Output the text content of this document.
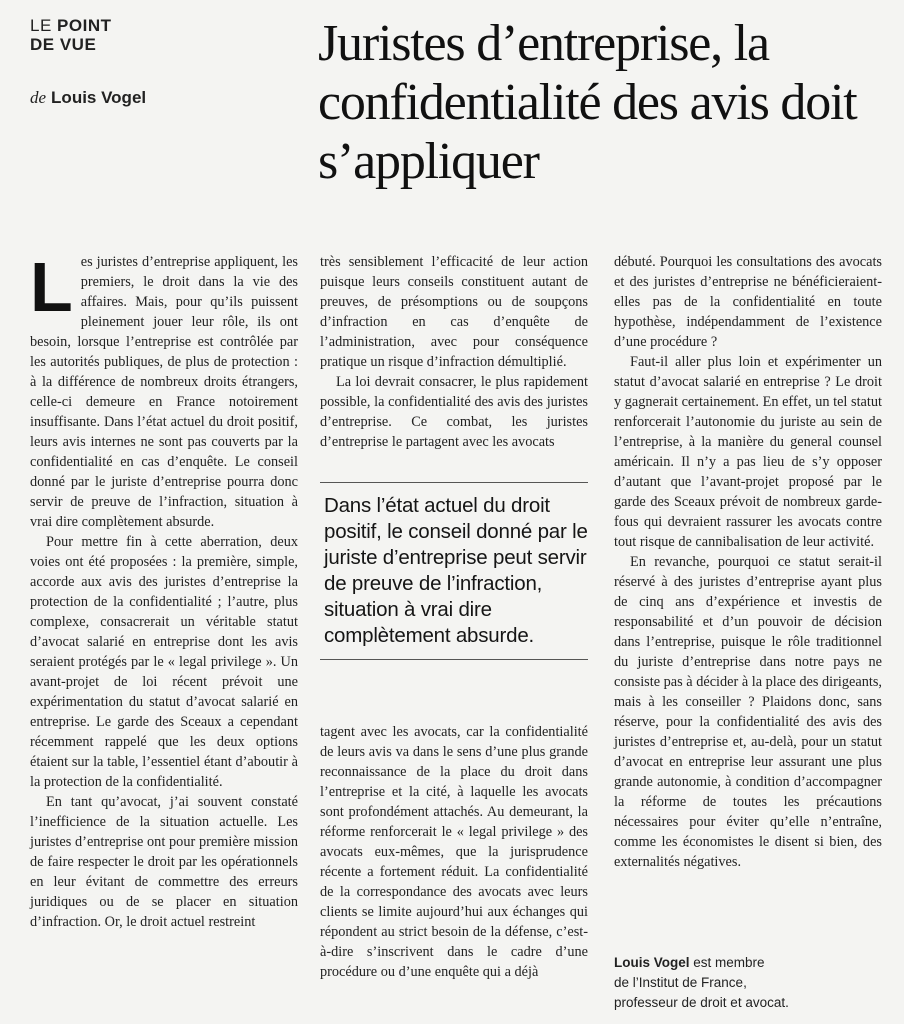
LE POINT
DE VUE
de Louis Vogel
Juristes d’entreprise, la confidentialité des avis doit s’appliquer

Les juristes d’entreprise appliquent, les premiers, le droit dans la vie des affaires. Mais, pour qu’ils puissent pleinement jouer leur rôle, ils ont besoin, lorsque l’entreprise est contrôlée par les autorités publiques, de plus de protection : à la différence de nombreux droits étrangers, celle-ci demeure en France notoirement insuffisante. Dans l’état actuel du droit positif, leurs avis internes ne sont pas couverts par la confidentialité en cas d’enquête. Le conseil donné par le juriste d’entreprise pourra donc servir de preuve de l’infraction, situation à vrai dire complètement absurde.

Pour mettre fin à cette aberration, deux voies ont été proposées : la première, simple, accorde aux avis des juristes d’entreprise la protection de la confidentialité ; l’autre, plus complexe, consacrerait un véritable statut d’avocat salarié en entreprise dont les avis seraient protégés par le « legal privilege ». Un avant-projet de loi récent prévoit une expérimentation du statut d’avocat salarié en entreprise. Le garde des Sceaux a cependant récemment rappelé que les deux options étaient sur la table, l’essentiel étant d’aboutir à la protection de la confidentialité.

En tant qu’avocat, j’ai souvent constaté l’inefficience de la situation actuelle. Les juristes d’entreprise ont pour première mission de faire respecter le droit par les opérationnels en leur évitant de commettre des erreurs juridiques ou de se placer en situation d’infraction. Or, le droit actuel restreint

très sensiblement l’efficacité de leur action puisque leurs conseils constituent autant de preuves, de présomptions ou de soupçons d’infraction en cas d’enquête de l’administration, avec pour conséquence pratique un risque d’infraction démultiplié.

La loi devrait consacrer, le plus rapidement possible, la confidentialité des avis des juristes d’entreprise. Ce combat, les juristes d’entreprise le partagent avec les avocats

Dans l’état actuel du droit positif, le conseil donné par le juriste d’entreprise peut servir de preuve de l’infraction, situation à vrai dire complètement absurde.

tagent avec les avocats, car la confidentialité de leurs avis va dans le sens d’une plus grande reconnaissance de la place du droit dans l’entreprise et la cité, à laquelle les avocats sont profondément attachés. Au demeurant, la réforme renforcerait le « legal privilege » des avocats eux-mêmes, que la jurisprudence récente a fortement réduit. La confidentialité de la correspondance des avocats avec leurs clients se limite aujourd’hui aux échanges qui répondent au strict besoin de la défense, c’est-à-dire s’inscrivent dans le cadre d’une procédure ou d’une enquête qui a déjà

débuté. Pourquoi les consultations des avocats et des juristes d’entreprise ne bénéficieraient-elles pas de la confidentialité en toute hypothèse, indépendamment de l’existence d’une procédure ?

Faut-il aller plus loin et expérimenter un statut d’avocat salarié en entreprise ? Le droit y gagnerait certainement. En effet, un tel statut renforcerait l’autonomie du juriste au sein de l’entreprise, à la manière du general counsel américain. Il n’y a pas lieu de s’y opposer d’autant que l’avant-projet proposé par le garde des Sceaux prévoit de nombreux garde-fous qui devraient rassurer les avocats contre tout risque de cannibalisation de leur activité.

En revanche, pourquoi ce statut serait-il réservé à des juristes d’entreprise ayant plus de cinq ans d’expérience et investis de responsabilité et d’un pouvoir de décision dans l’entreprise, puisque le rôle traditionnel du juriste d’entreprise dans notre pays ne consiste pas à décider à la place des dirigeants, mais à les conseiller ? Plaidons donc, sans réserve, pour la confidentialité des avis des juristes d’entreprise et, au-delà, pour un statut d’avocat en entreprise leur assurant une plus grande autonomie, à condition d’accompagner la réforme de toutes les précautions nécessaires pour éviter qu’elle n’entraîne, comme les économistes le disent si bien, des externalités négatives.

Louis Vogel est membre
de l’Institut de France,
professeur de droit et avocat.
